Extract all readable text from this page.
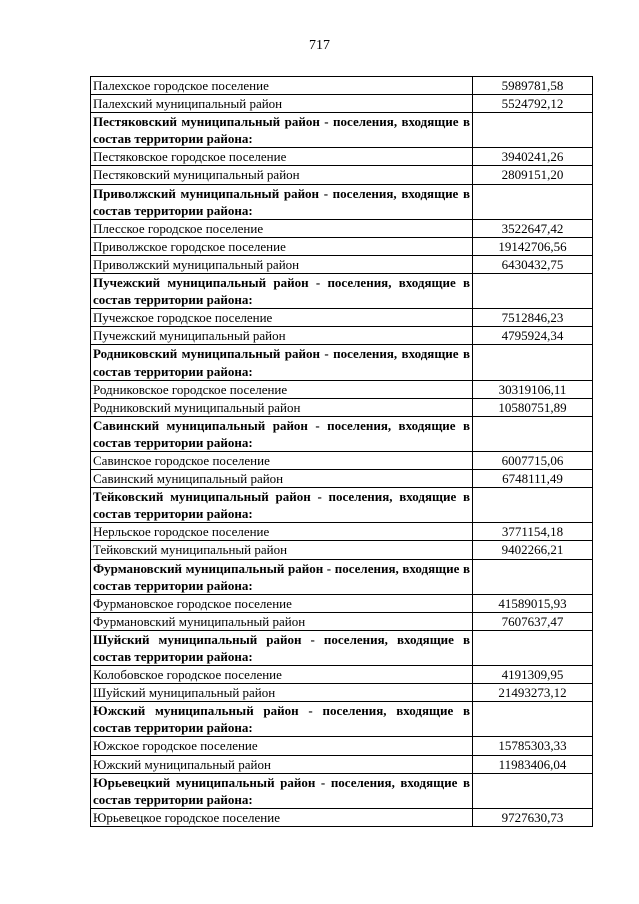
717
Палехское городское поселение	5989781,58
Палехский муниципальный район	5524792,12
Пестяковский муниципальный район - поселения, входящие в состав территории района:	
Пестяковское городское поселение	3940241,26
Пестяковский муниципальный район	2809151,20
Приволжский муниципальный район - поселения, входящие в состав территории района:	
Плесское городское поселение	3522647,42
Приволжское городское поселение	19142706,56
Приволжский муниципальный район	6430432,75
Пучежский муниципальный район - поселения, входящие в состав территории района:	
Пучежское городское поселение	7512846,23
Пучежский муниципальный район	4795924,34
Родниковский муниципальный район - поселения, входящие в состав территории района:	
Родниковское городское поселение	30319106,11
Родниковский муниципальный район	10580751,89
Савинский муниципальный район - поселения, входящие в состав территории района:	
Савинское городское поселение	6007715,06
Савинский муниципальный район	6748111,49
Тейковский муниципальный район - поселения, входящие в состав территории района:	
Нерльское городское поселение	3771154,18
Тейковский муниципальный район	9402266,21
Фурмановский муниципальный район - поселения, входящие в состав территории района:	
Фурмановское городское поселение	41589015,93
Фурмановский муниципальный район	7607637,47
Шуйский муниципальный район - поселения, входящие в состав территории района:	
Колобовское городское поселение	4191309,95
Шуйский муниципальный район	21493273,12
Южский муниципальный район - поселения, входящие в состав территории района:	
Южское городское поселение	15785303,33
Южский муниципальный район	11983406,04
Юрьевецкий муниципальный район - поселения, входящие в состав территории района:	
Юрьевецкое городское поселение	9727630,73
